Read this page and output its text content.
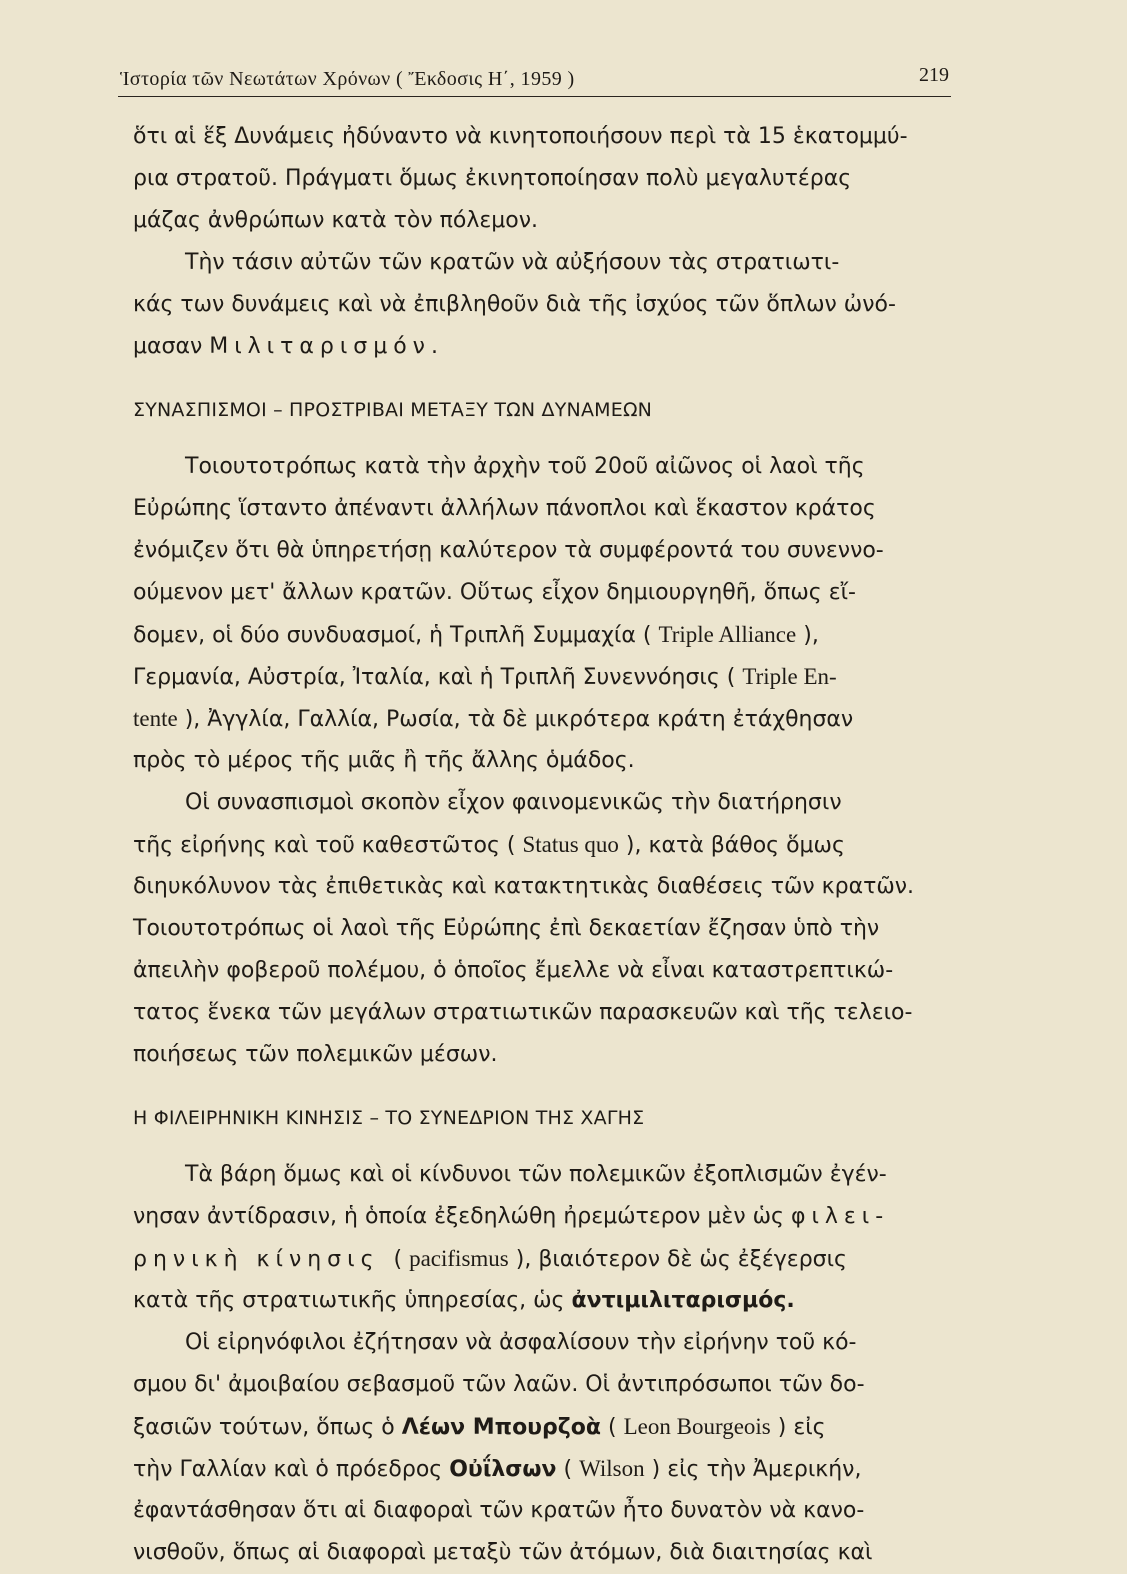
Ἱστορία τῶν Νεωτάτων Χρόνων ( Ἔκδοσις Η΄, 1959 )	219
ὅτι αἱ ἕξ Δυνάμεις ἠδύναντο νὰ κινητοποιήσουν περὶ τὰ 15 ἑκατομμύ-
ρια στρατοῦ. Πράγματι ὅμως ἐκινητοποίησαν πολὺ μεγαλυτέρας
μάζας ἀνθρώπων κατὰ τὸν πόλεμον.
Τὴν τάσιν αὐτῶν τῶν κρατῶν νὰ αὐξήσουν τὰς στρατιωτι-
κάς των δυνάμεις καὶ νὰ ἐπιβληθοῦν διὰ τῆς ἰσχύος τῶν ὅπλων ὠνό-
μασαν
Μιλιταρισμόν.
ΣΥΝΑΣΠΙΣΜΟΙ – ΠΡΟΣΤΡΙΒΑΙ ΜΕΤΑΞΥ ΤΩΝ ΔΥΝΑΜΕΩΝ
Τοιουτοτρόπως κατὰ τὴν ἀρχὴν τοῦ 20οῦ αἰῶνος οἱ λαοὶ τῆς
Εὐρώπης ἵσταντο ἀπέναντι ἀλλήλων πάνοπλοι καὶ ἕκαστον κράτος
ἐνόμιζεν ὅτι θὰ ὑπηρετήσῃ καλύτερον τὰ συμφέροντά του συνεννο-
ούμενον μετ' ἄλλων κρατῶν. Οὕτως εἶχον δημιουργηθῆ, ὅπως εἴ-
δομεν, οἱ δύο συνδυασμοί, ἡ Τριπλῆ Συμμαχία ( Triple Alliance ),
Γερμανία, Αὐστρία, Ἰταλία, καὶ ἡ Τριπλῆ Συνεννόησις ( Triple En-
tente ), Ἀγγλία, Γαλλία, Ρωσία, τὰ δὲ μικρότερα κράτη ἐτάχθησαν
πρὸς τὸ μέρος τῆς μιᾶς ἢ τῆς ἄλλης ὁμάδος.
Οἱ συνασπισμοὶ σκοπὸν εἶχον φαινομενικῶς τὴν διατήρησιν
τῆς εἰρήνης καὶ τοῦ καθεστῶτος ( Status quo ), κατὰ βάθος ὅμως
διηυκόλυνον τὰς ἐπιθετικὰς καὶ κατακτητικὰς διαθέσεις τῶν κρατῶν.
Τοιουτοτρόπως οἱ λαοὶ τῆς Εὐρώπης ἐπὶ δεκαετίαν ἔζησαν ὑπὸ τὴν
ἀπειλὴν φοβεροῦ πολέμου, ὁ ὁποῖος ἔμελλε νὰ εἶναι καταστρεπτικώ-
τατος ἕνεκα τῶν μεγάλων στρατιωτικῶν παρασκευῶν καὶ τῆς τελειο-
ποιήσεως τῶν πολεμικῶν μέσων.
Η ΦΙΛΕΙΡΗΝΙΚΗ ΚΙΝΗΣΙΣ – ΤΟ ΣΥΝΕΔΡΙΟΝ ΤΗΣ ΧΑΓΗΣ
Τὰ βάρη ὅμως καὶ οἱ κίνδυνοι τῶν πολεμικῶν ἐξοπλισμῶν ἐγέν-
νησαν ἀντίδρασιν, ἡ ὁποία ἐξεδηλώθη ἠρεμώτερον μὲν ὡς φιλει-
ρηνικὴ κίνησις ( pacifismus ), βιαιότερον δὲ ὡς ἐξέγερσις
κατὰ τῆς στρατιωτικῆς ὑπηρεσίας, ὡς ἀντιμιλιταρισμός.
Οἱ εἰρηνόφιλοι ἐζήτησαν νὰ ἀσφαλίσουν τὴν εἰρήνην τοῦ κό-
σμου δι' ἀμοιβαίου σεβασμοῦ τῶν λαῶν. Οἱ ἀντιπρόσωποι τῶν δο-
ξασιῶν τούτων, ὅπως ὁ Λέων Μπουρζοὰ ( Leon Bourgeois ) εἰς
τὴν Γαλλίαν καὶ ὁ πρόεδρος Οὐΐλσων ( Wilson ) εἰς τὴν Ἀμερικήν,
ἐφαντάσθησαν ὅτι αἱ διαφοραὶ τῶν κρατῶν ἦτο δυνατὸν νὰ κανο-
νισθοῦν, ὅπως αἱ διαφοραὶ μεταξὺ τῶν ἀτόμων, διὰ διαιτησίας καὶ
